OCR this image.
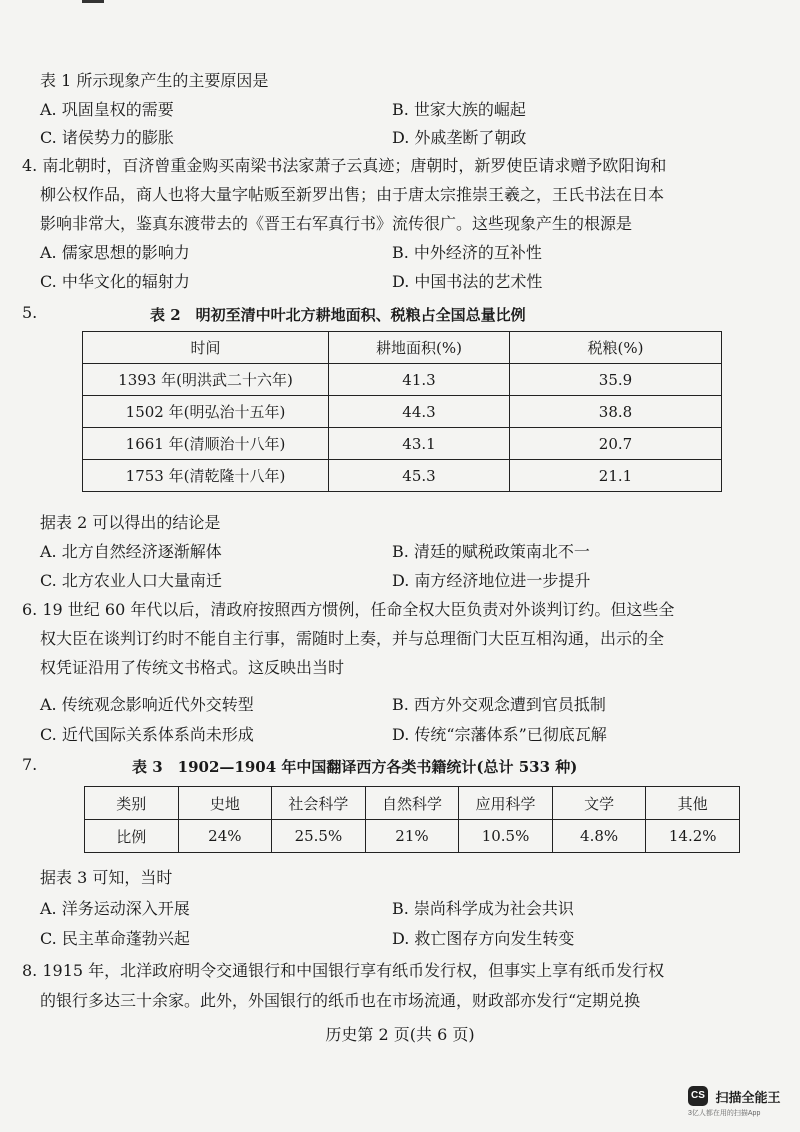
表 1 所示现象产生的主要原因是
A. 巩固皇权的需要	B. 世家大族的崛起
C. 诸侯势力的膨胀	D. 外戚垄断了朝政
4. 南北朝时，百济曾重金购买南梁书法家萧子云真迹；唐朝时，新罗使臣请求赠予欧阳询和
柳公权作品，商人也将大量字帖贩至新罗出售；由于唐太宗推崇王羲之，王氏书法在日本
影响非常大，鉴真东渡带去的《晋王右军真行书》流传很广。这些现象产生的根源是
A. 儒家思想的影响力	B. 中外经济的互补性
C. 中华文化的辐射力	D. 中国书法的艺术性
5.	表 2　明初至清中叶北方耕地面积、税粮占全国总量比例
时间	耕地面积(%)	税粮(%)
1393 年(明洪武二十六年)	41.3	35.9
1502 年(明弘治十五年)	44.3	38.8
1661 年(清顺治十八年)	43.1	20.7
1753 年(清乾隆十八年)	45.3	21.1
据表 2 可以得出的结论是
A. 北方自然经济逐渐解体	B. 清廷的赋税政策南北不一
C. 北方农业人口大量南迁	D. 南方经济地位进一步提升
6. 19 世纪 60 年代以后，清政府按照西方惯例，任命全权大臣负责对外谈判订约。但这些全
权大臣在谈判订约时不能自主行事，需随时上奏，并与总理衙门大臣互相沟通，出示的全
权凭证沿用了传统文书格式。这反映出当时
A. 传统观念影响近代外交转型	B. 西方外交观念遭到官员抵制
C. 近代国际关系体系尚未形成	D. 传统“宗藩体系”已彻底瓦解
7.	表 3　1902—1904 年中国翻译西方各类书籍统计(总计 533 种)
类别	史地	社会科学	自然科学	应用科学	文学	其他
比例	24%	25.5%	21%	10.5%	4.8%	14.2%
据表 3 可知，当时
A. 洋务运动深入开展	B. 崇尚科学成为社会共识
C. 民主革命蓬勃兴起	D. 救亡图存方向发生转变
8. 1915 年，北洋政府明令交通银行和中国银行享有纸币发行权，但事实上享有纸币发行权
的银行多达三十余家。此外，外国银行的纸币也在市场流通，财政部亦发行“定期兑换
历史第 2 页(共 6 页)
CS 扫描全能王
3亿人都在用的扫描App
